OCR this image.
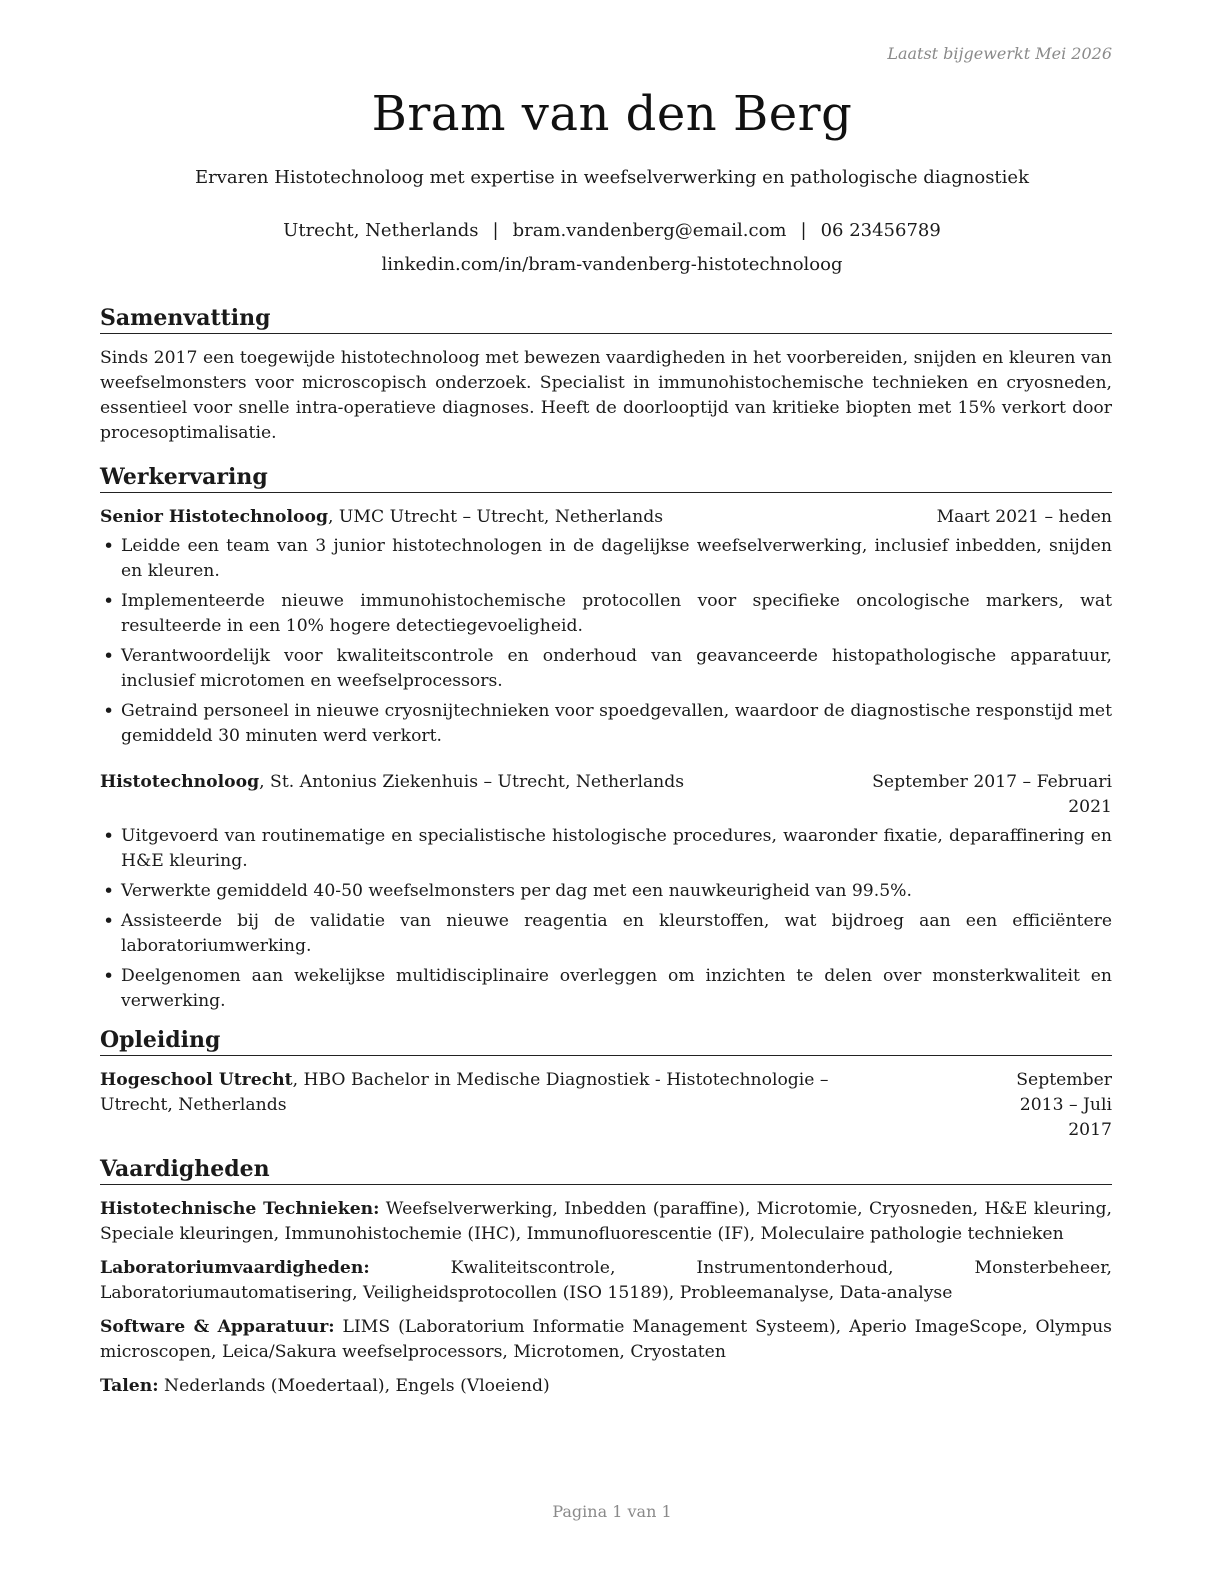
Laatst bijgewerkt Mei 2026
Bram van den Berg
Ervaren Histotechnoloog met expertise in weefselverwerking en pathologische diagnostiek
Utrecht, Netherlands | bram.vandenberg@email.com | 06 23456789
linkedin.com/in/bram-vandenberg-histotechnoloog
Samenvatting

Sinds 2017 een toegewijde histotechnoloog met bewezen vaardigheden in het voorbereiden, snijden en kleuren van weefselmonsters voor microscopisch onderzoek. Specialist in immunohistochemische technieken en cryosneden, essentieel voor snelle intra-operatieve diagnoses. Heeft de doorlooptijd van kritieke biopten met 15% verkort door procesoptimalisatie.

Werkervaring
Senior Histotechnoloog, UMC Utrecht – Utrecht, Netherlands	Maart 2021 – heden
• Leidde een team van 3 junior histotechnologen in de dagelijkse weefselverwerking, inclusief inbedden, snijden en kleuren.
• Implementeerde nieuwe immunohistochemische protocollen voor specifieke oncologische markers, wat resulteerde in een 10% hogere detectiegevoeligheid.
• Verantwoordelijk voor kwaliteitscontrole en onderhoud van geavanceerde histopathologische apparatuur, inclusief microtomen en weefselprocessors.
• Getraind personeel in nieuwe cryosnijtechnieken voor spoedgevallen, waardoor de diagnostische responstijd met gemiddeld 30 minuten werd verkort.
Histotechnoloog, St. Antonius Ziekenhuis – Utrecht, Netherlands	September 2017 – Februari 2021
• Uitgevoerd van routinematige en specialistische histologische procedures, waaronder fixatie, deparaffinering en H&E kleuring.
• Verwerkte gemiddeld 40-50 weefselmonsters per dag met een nauwkeurigheid van 99.5%.
• Assisteerde bij de validatie van nieuwe reagentia en kleurstoffen, wat bijdroeg aan een efficiëntere laboratoriumwerking.
• Deelgenomen aan wekelijkse multidisciplinaire overleggen om inzichten te delen over monsterkwaliteit en verwerking.
Opleiding
Hogeschool Utrecht, HBO Bachelor in Medische Diagnostiek - Histotechnologie – Utrecht, Netherlands
September 2013 – Juli 2017
Vaardigheden
Histotechnische Technieken: Weefselverwerking, Inbedden (paraffine), Microtomie, Cryosneden, H&E kleuring, Speciale kleuringen, Immunohistochemie (IHC), Immunofluorescentie (IF), Moleculaire pathologie technieken
Laboratoriumvaardigheden: Kwaliteitscontrole, Instrumentonderhoud, Monsterbeheer, Laboratoriumautomatisering, Veiligheidsprotocollen (ISO 15189), Probleemanalyse, Data-analyse
Software & Apparatuur: LIMS (Laboratorium Informatie Management Systeem), Aperio ImageScope, Olympus microscopen, Leica/Sakura weefselprocessors, Microtomen, Cryostaten
Talen: Nederlands (Moedertaal), Engels (Vloeiend)
Pagina 1 van 1
